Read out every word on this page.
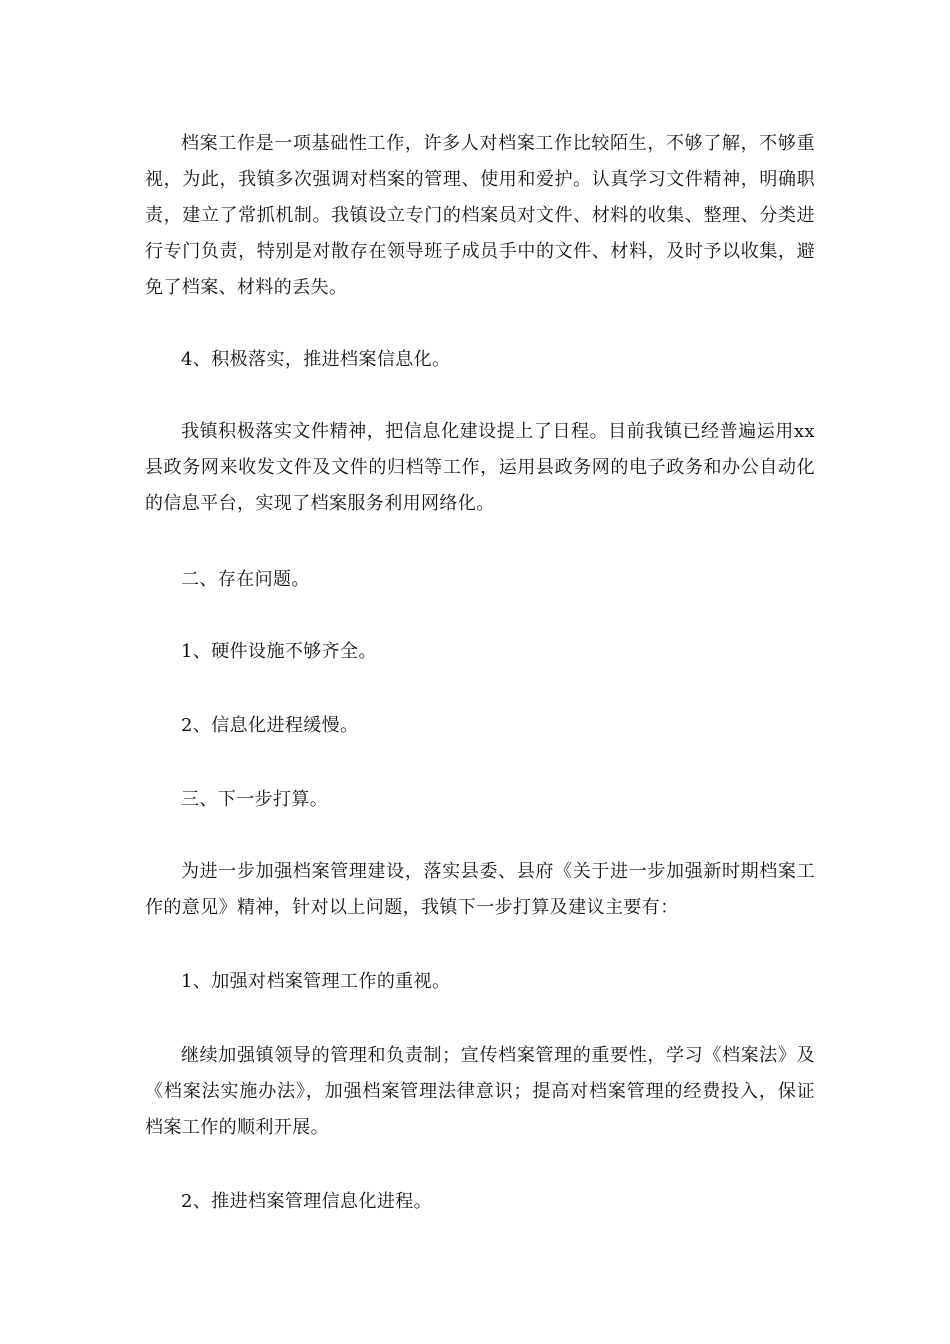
档案工作是一项基础性工作，许多人对档案工作比较陌生，不够了解，不够重视，为此，我镇多次强调对档案的管理、使用和爱护。认真学习文件精神，明确职责，建立了常抓机制。我镇设立专门的档案员对文件、材料的收集、整理、分类进行专门负责，特别是对散存在领导班子成员手中的文件、材料，及时予以收集，避免了档案、材料的丢失。

4、积极落实，推进档案信息化。

我镇积极落实文件精神，把信息化建设提上了日程。目前我镇已经普遍运用xx县政务网来收发文件及文件的归档等工作，运用县政务网的电子政务和办公自动化的信息平台，实现了档案服务利用网络化。

二、存在问题。

1、硬件设施不够齐全。

2、信息化进程缓慢。

三、下一步打算。

为进一步加强档案管理建设，落实县委、县府《关于进一步加强新时期档案工作的意见》精神，针对以上问题，我镇下一步打算及建议主要有：

1、加强对档案管理工作的重视。

继续加强镇领导的管理和负责制；宣传档案管理的重要性，学习《档案法》及《档案法实施办法》，加强档案管理法律意识；提高对档案管理的经费投入，保证档案工作的顺利开展。

2、推进档案管理信息化进程。
